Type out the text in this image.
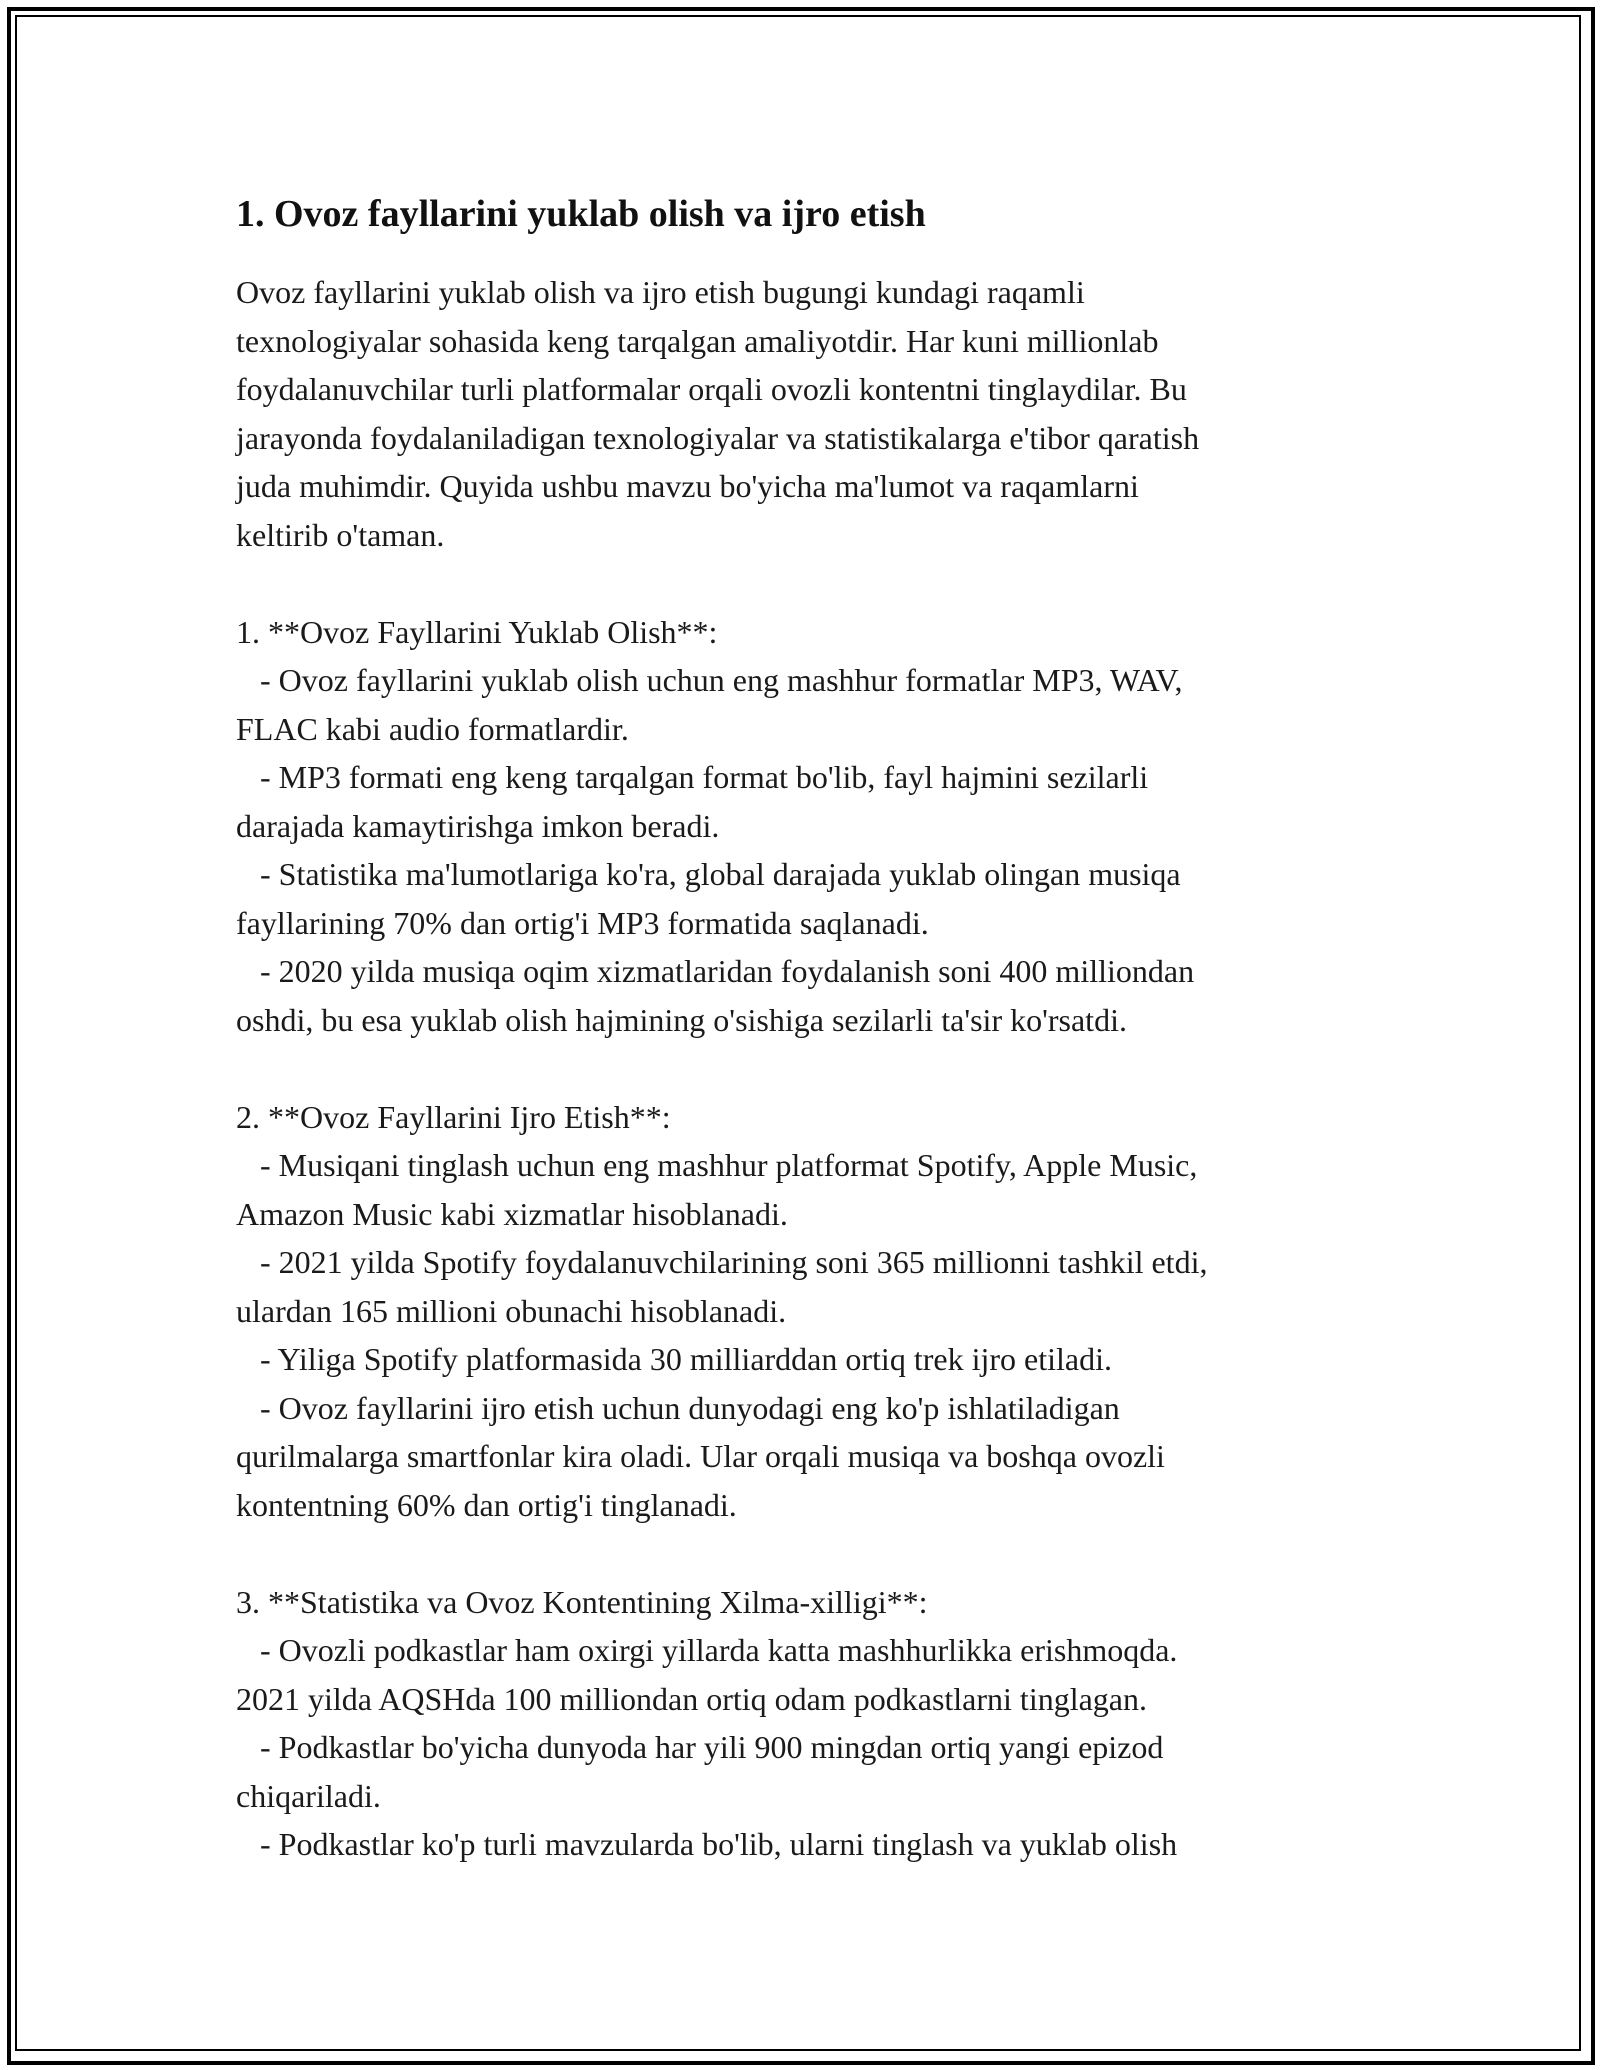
1. Ovoz fayllarini yuklab olish va ijro etish

Ovoz fayllarini yuklab olish va ijro etish bugungi kundagi raqamli
texnologiyalar sohasida keng tarqalgan amaliyotdir. Har kuni millionlab
foydalanuvchilar turli platformalar orqali ovozli kontentni tinglaydilar. Bu
jarayonda foydalaniladigan texnologiyalar va statistikalarga e'tibor qaratish
juda muhimdir. Quyida ushbu mavzu bo'yicha ma'lumot va raqamlarni
keltirib o'taman.

1. **Ovoz Fayllarini Yuklab Olish**:

- Ovoz fayllarini yuklab olish uchun eng mashhur formatlar MP3, WAV,
FLAC kabi audio formatlardir.

- MP3 formati eng keng tarqalgan format bo'lib, fayl hajmini sezilarli
darajada kamaytirishga imkon beradi.

- Statistika ma'lumotlariga ko'ra, global darajada yuklab olingan musiqa
fayllarining 70% dan ortig'i MP3 formatida saqlanadi.

- 2020 yilda musiqa oqim xizmatlaridan foydalanish soni 400 milliondan
oshdi, bu esa yuklab olish hajmining o'sishiga sezilarli ta'sir ko'rsatdi.

2. **Ovoz Fayllarini Ijro Etish**:

- Musiqani tinglash uchun eng mashhur platformat Spotify, Apple Music,
Amazon Music kabi xizmatlar hisoblanadi.

- 2021 yilda Spotify foydalanuvchilarining soni 365 millionni tashkil etdi,
ulardan 165 millioni obunachi hisoblanadi.

- Yiliga Spotify platformasida 30 milliarddan ortiq trek ijro etiladi.

- Ovoz fayllarini ijro etish uchun dunyodagi eng ko'p ishlatiladigan
qurilmalarga smartfonlar kira oladi. Ular orqali musiqa va boshqa ovozli
kontentning 60% dan ortig'i tinglanadi.

3. **Statistika va Ovoz Kontentining Xilma-xilligi**:

- Ovozli podkastlar ham oxirgi yillarda katta mashhurlikka erishmoqda.
2021 yilda AQSHda 100 milliondan ortiq odam podkastlarni tinglagan.

- Podkastlar bo'yicha dunyoda har yili 900 mingdan ortiq yangi epizod
chiqariladi.

- Podkastlar ko'p turli mavzularda bo'lib, ularni tinglash va yuklab olish
